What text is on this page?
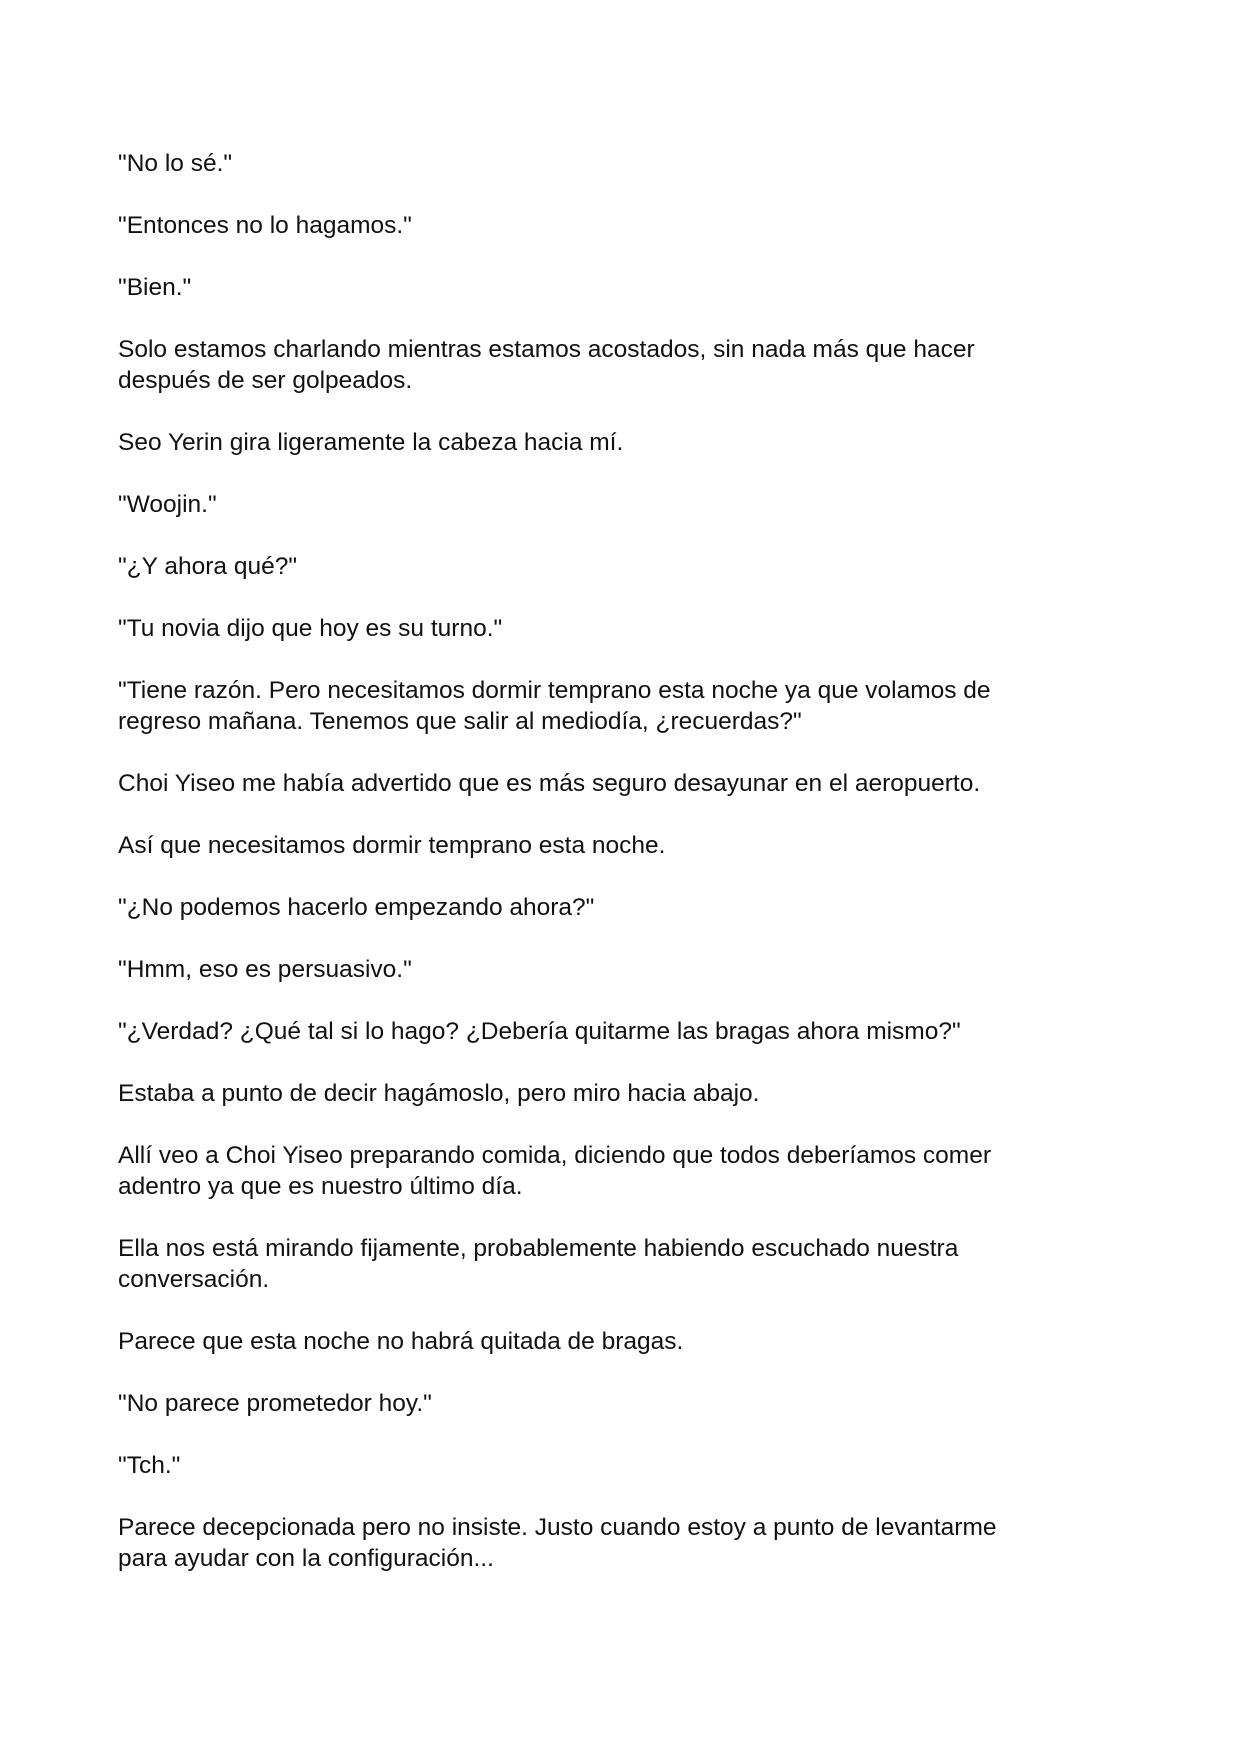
"No lo sé."

"Entonces no lo hagamos."

"Bien."

Solo estamos charlando mientras estamos acostados, sin nada más que hacer
después de ser golpeados.

Seo Yerin gira ligeramente la cabeza hacia mí.

"Woojin."

"¿Y ahora qué?"

"Tu novia dijo que hoy es su turno."

"Tiene razón. Pero necesitamos dormir temprano esta noche ya que volamos de
regreso mañana. Tenemos que salir al mediodía, ¿recuerdas?"

Choi Yiseo me había advertido que es más seguro desayunar en el aeropuerto.

Así que necesitamos dormir temprano esta noche.

"¿No podemos hacerlo empezando ahora?"

"Hmm, eso es persuasivo."

"¿Verdad? ¿Qué tal si lo hago? ¿Debería quitarme las bragas ahora mismo?"

Estaba a punto de decir hagámoslo, pero miro hacia abajo.

Allí veo a Choi Yiseo preparando comida, diciendo que todos deberíamos comer
adentro ya que es nuestro último día.

Ella nos está mirando fijamente, probablemente habiendo escuchado nuestra
conversación.

Parece que esta noche no habrá quitada de bragas.

"No parece prometedor hoy."

"Tch."

Parece decepcionada pero no insiste. Justo cuando estoy a punto de levantarme
para ayudar con la configuración...
